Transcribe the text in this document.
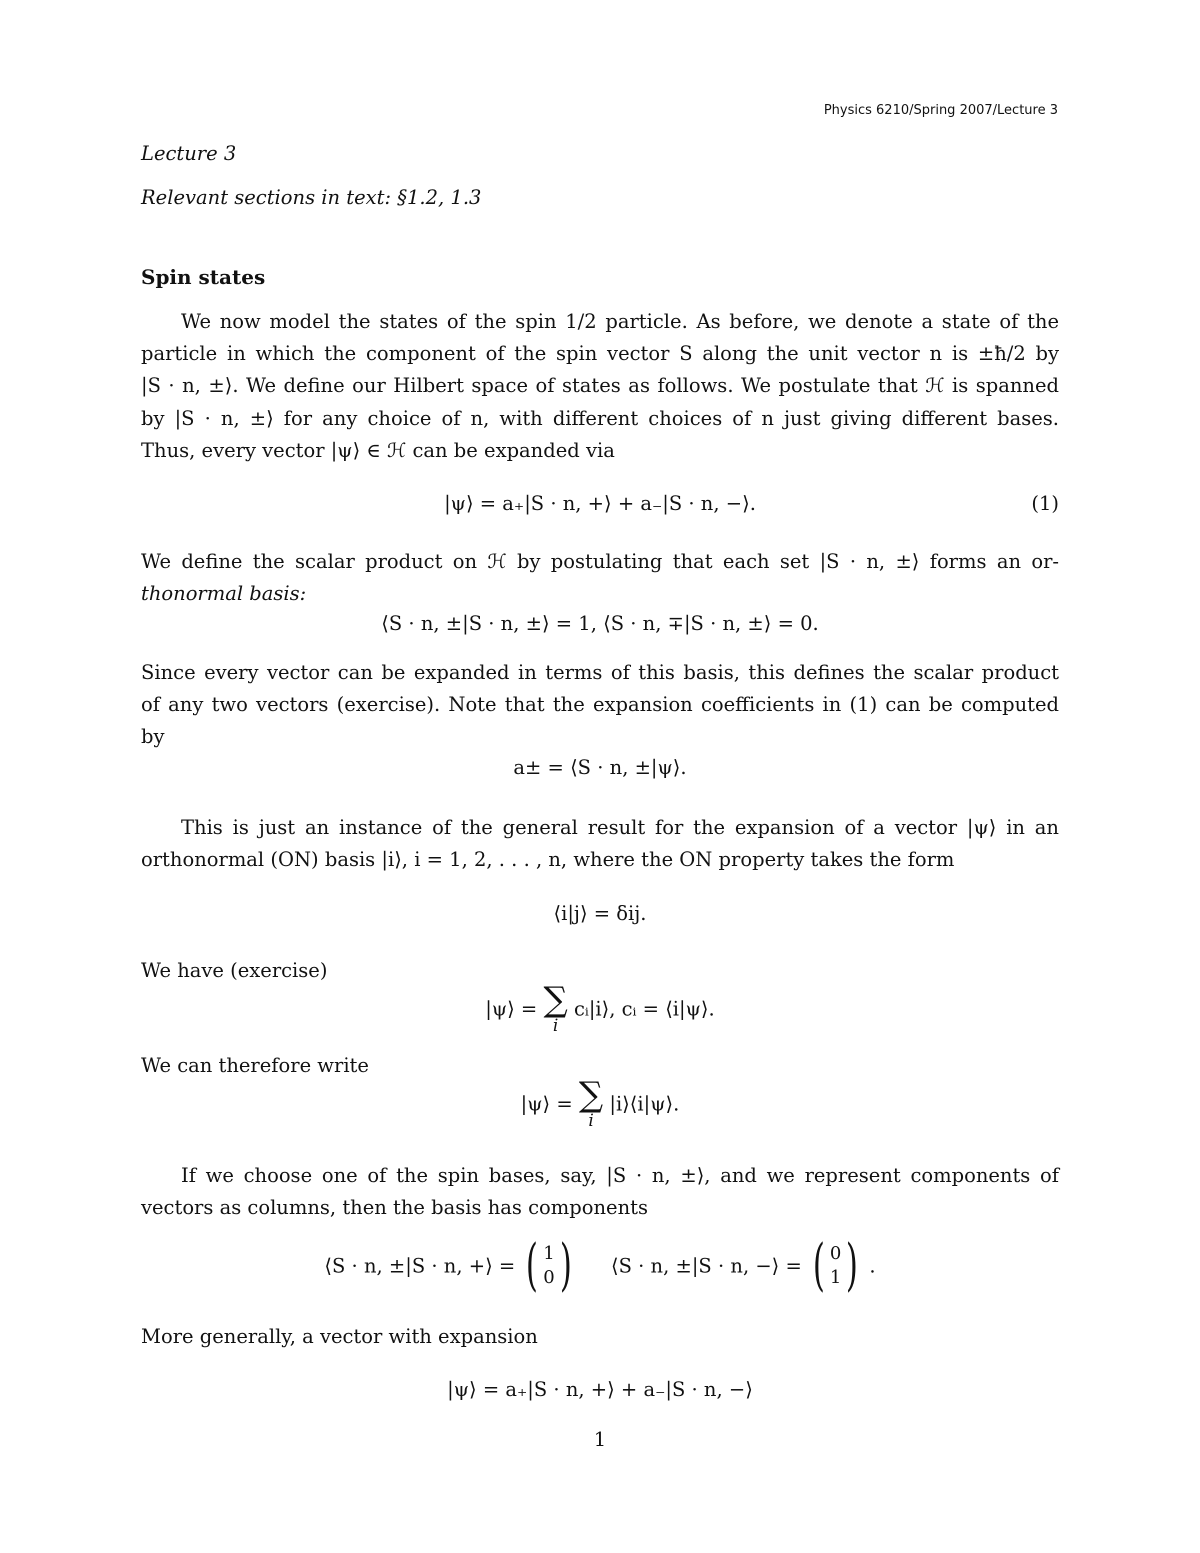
Physics 6210/Spring 2007/Lecture 3
Lecture 3
Relevant sections in text: §1.2, 1.3
Spin states
We now model the states of the spin 1/2 particle. As before, we denote a state of the
particle in which the component of the spin vector S along the unit vector n is ±ħ/2 by
|S · n, ±⟩. We define our Hilbert space of states as follows. We postulate that ℋ is spanned
by |S · n, ±⟩ for any choice of n, with different choices of n just giving different bases.
Thus, every vector |ψ⟩ ∈ ℋ can be expanded via
|ψ⟩ = a₊|S · n, +⟩ + a₋|S · n, −⟩.	(1)
We define the scalar product on ℋ by postulating that each set |S · n, ±⟩ forms an or-
thonormal basis:
⟨S · n, ±|S · n, ±⟩ = 1, ⟨S · n, ∓|S · n, ±⟩ = 0.
Since every vector can be expanded in terms of this basis, this defines the scalar product
of any two vectors (exercise). Note that the expansion coefficients in (1) can be computed
by
a± = ⟨S · n, ±|ψ⟩.
This is just an instance of the general result for the expansion of a vector |ψ⟩ in an
orthonormal (ON) basis |i⟩, i = 1, 2, . . . , n, where the ON property takes the form
⟨i|j⟩ = δij.
We have (exercise)
|ψ⟩ = ∑
i
cᵢ|i⟩, cᵢ = ⟨i|ψ⟩.
We can therefore write
|ψ⟩ = ∑
i
|i⟩⟨i|ψ⟩.
If we choose one of the spin bases, say, |S · n, ±⟩, and we represent components of
vectors as columns, then the basis has components
⟨S · n, ±|S · n, +⟩ = ( 1
0 ) ⟨S · n, ±|S · n, −⟩ = ( 0
1 ) .
More generally, a vector with expansion
|ψ⟩ = a₊|S · n, +⟩ + a₋|S · n, −⟩
1
